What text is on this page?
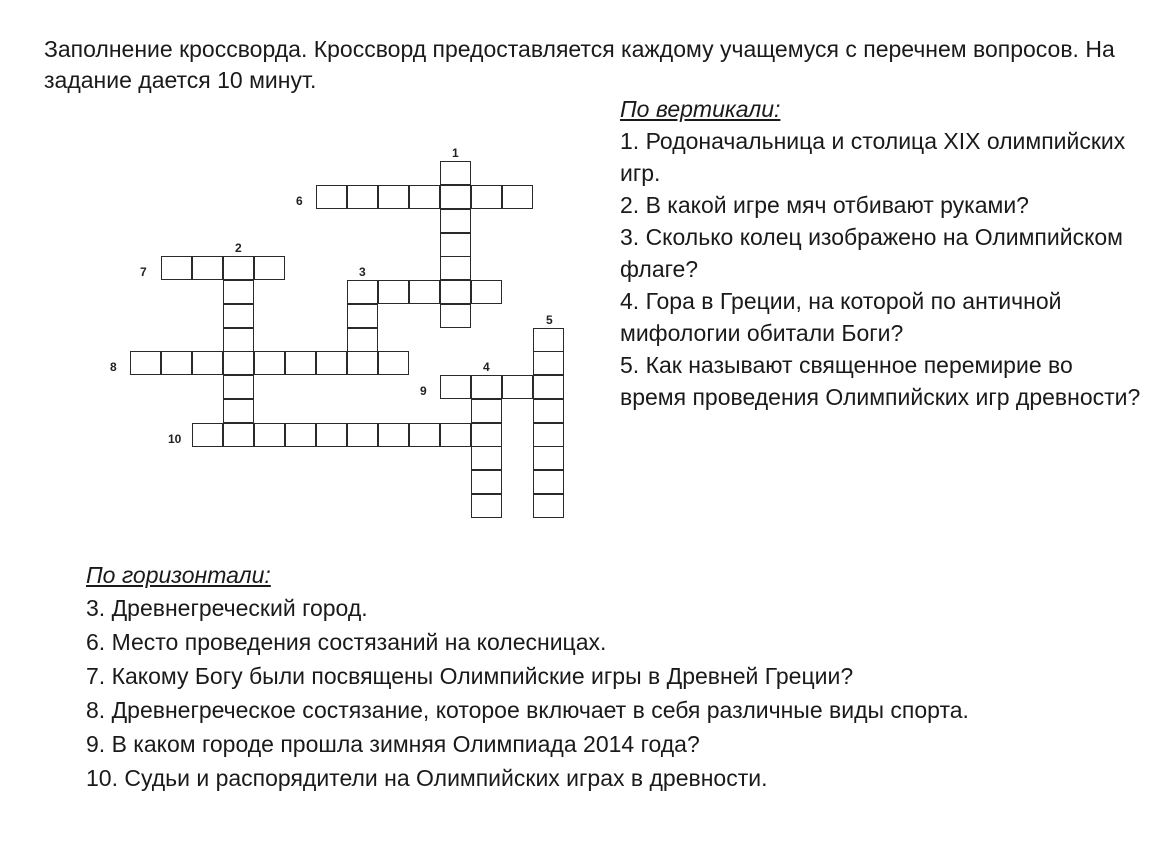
Заполнение кроссворда. Кроссворд предоставляется каждому учащемуся с перечнем вопросов. На задание дается 10 минут.

1
2
3
4
5
6
7
8
9
10

По вертикали:

1. Родоначальница и столица XIX олимпийских игр.
2. В какой игре мяч отбивают руками?
3. Сколько колец изображено на Олимпийском флаге?
4. Гора в Греции, на которой по античной мифологии обитали Боги?
5. Как называют священное перемирие во время проведения Олимпийских игр древности?

По горизонтали:

3. Древнегреческий город.
6. Место проведения состязаний на колесницах.
7. Какому Богу были посвящены Олимпийские игры в Древней Греции?
8. Древнегреческое состязание, которое включает в себя различные виды спорта.
9. В каком городе прошла зимняя Олимпиада 2014 года?
10. Судьи и распорядители на Олимпийских играх в древности.
